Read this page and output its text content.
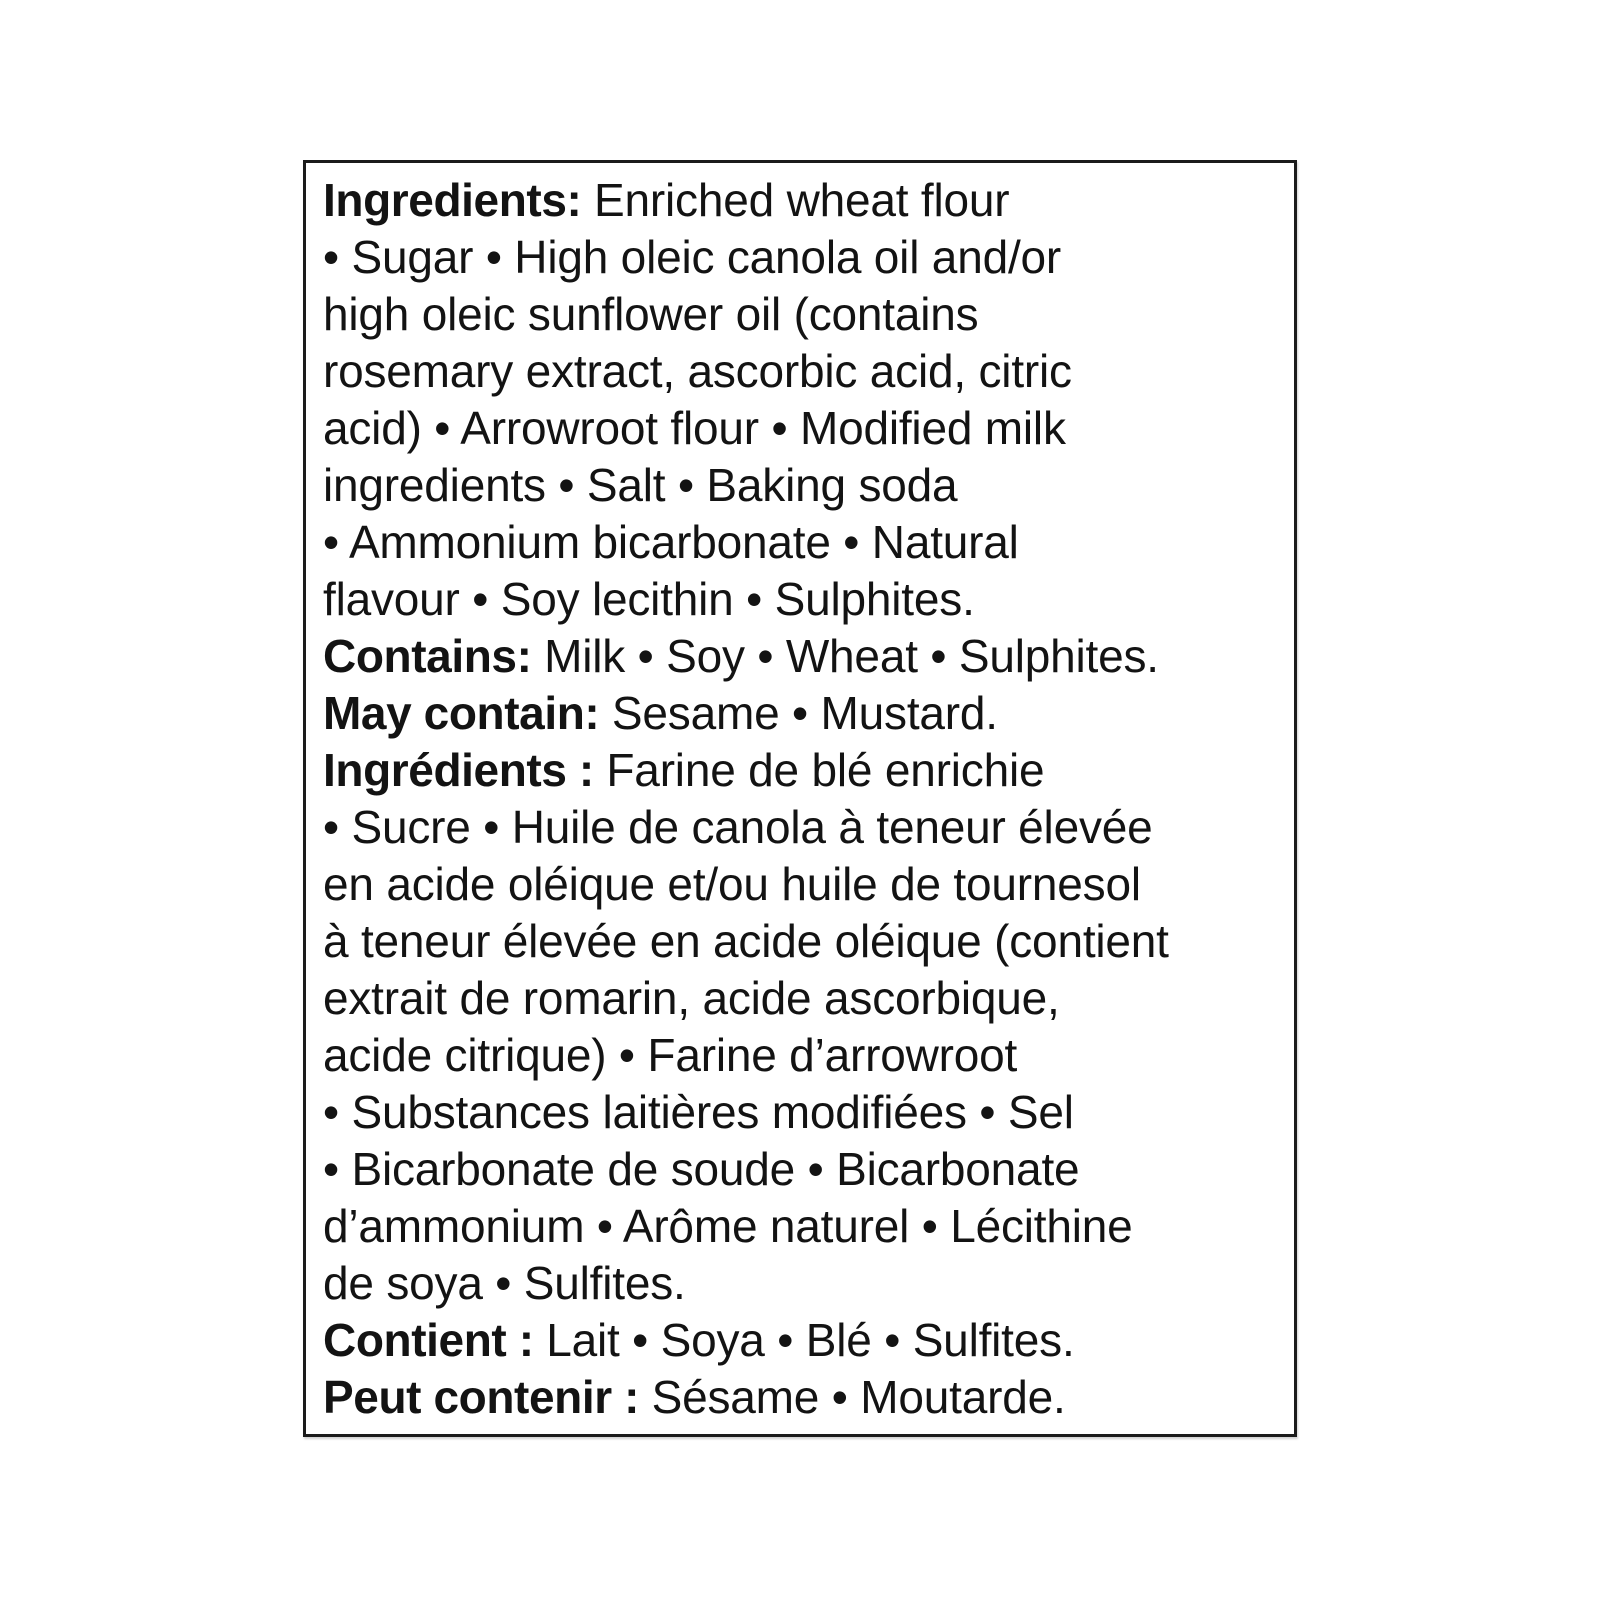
Ingredients: Enriched wheat flour
• Sugar • High oleic canola oil and/or
high oleic sunflower oil (contains
rosemary extract, ascorbic acid, citric
acid) • Arrowroot flour • Modified milk
ingredients • Salt • Baking soda
• Ammonium bicarbonate • Natural
flavour • Soy lecithin • Sulphites.
Contains: Milk • Soy • Wheat • Sulphites.
May contain: Sesame • Mustard.
Ingrédients : Farine de blé enrichie
• Sucre • Huile de canola à teneur élevée
en acide oléique et/ou huile de tournesol
à teneur élevée en acide oléique (contient
extrait de romarin, acide ascorbique,
acide citrique) • Farine d’arrowroot
• Substances laitières modifiées • Sel
• Bicarbonate de soude • Bicarbonate
d’ammonium • Arôme naturel • Lécithine
de soya • Sulfites.
Contient : Lait • Soya • Blé • Sulfites.
Peut contenir : Sésame • Moutarde.
